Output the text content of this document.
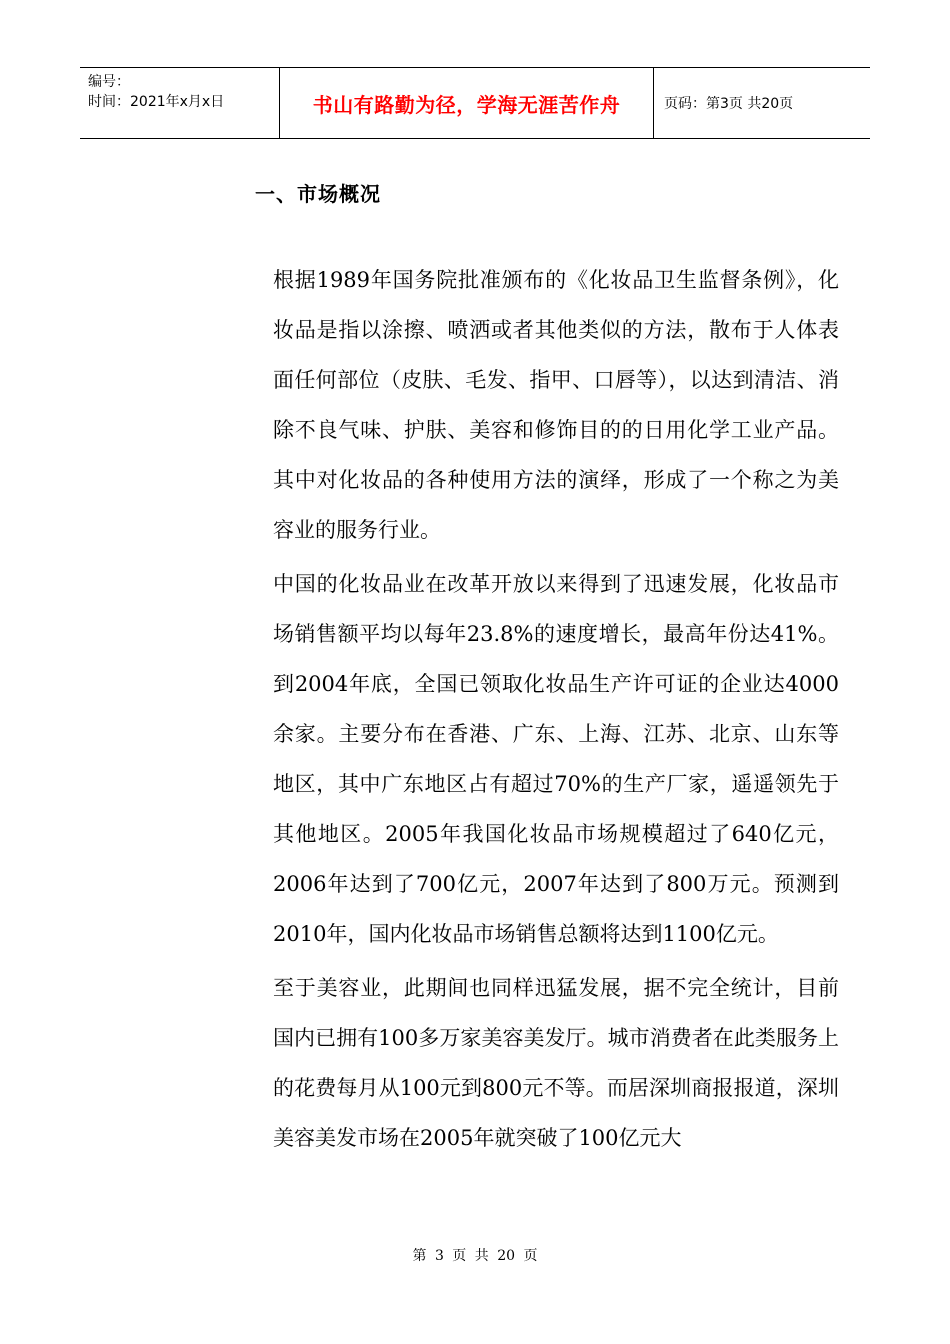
编号：
时间：2021年x月x日	书山有路勤为径，学海无涯苦作舟	页码：第3页 共20页
一、市场概况

根据1989年国务院批准颁布的《化妆品卫生监督条例》，化妆品是指以涂擦、喷洒或者其他类似的方法，散布于人体表面任何部位（皮肤、毛发、指甲、口唇等），以达到清洁、消除不良气味、护肤、美容和修饰目的的日用化学工业产品。其中对化妆品的各种使用方法的演绎，形成了一个称之为美容业的服务行业。

中国的化妆品业在改革开放以来得到了迅速发展，化妆品市场销售额平均以每年23.8%的速度增长，最高年份达41%。到2004年底，全国已领取化妆品生产许可证的企业达4000余家。主要分布在香港、广东、上海、江苏、北京、山东等地区，其中广东地区占有超过70%的生产厂家，遥遥领先于其他地区。2005年我国化妆品市场规模超过了640亿元，2006年达到了700亿元，2007年达到了800万元。预测到2010年，国内化妆品市场销售总额将达到1100亿元。

至于美容业，此期间也同样迅猛发展，据不完全统计，目前国内已拥有100多万家美容美发厅。城市消费者在此类服务上的花费每月从100元到800元不等。而居深圳商报报道，深圳美容美发市场在2005年就突破了100亿元大

第 3 页 共 20 页
